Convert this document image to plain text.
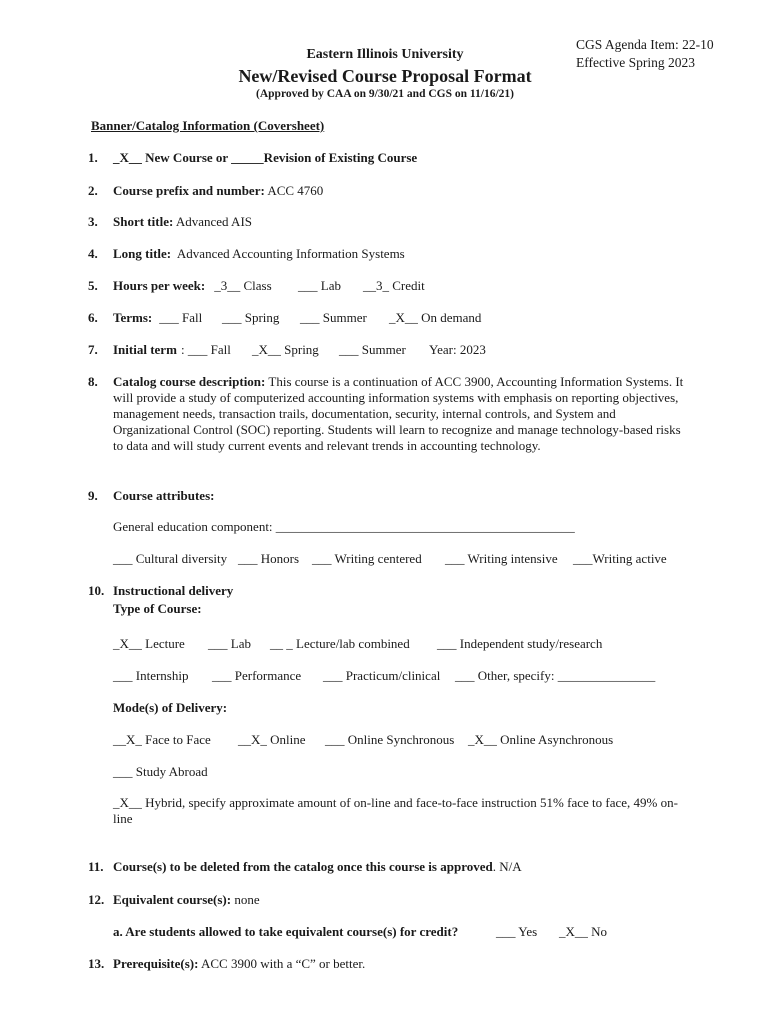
CGS Agenda Item: 22-10
Effective Spring 2023
Eastern Illinois University
New/Revised Course Proposal Format
(Approved by CAA on 9/30/21 and CGS on 11/16/21)
Banner/Catalog Information (Coversheet)
1.	_X__ New Course or _____Revision of Existing Course
2.	Course prefix and number: ACC 4760
3.	Short title: Advanced AIS
4.	Long title:  Advanced Accounting Information Systems
5.	Hours per week: _3__ Class ___ Lab __3_ Credit
6.	Terms: ___ Fall ___ Spring ___ Summer _X__ On demand
7.	Initial term : ___ Fall _X__ Spring ___ Summer Year: 2023
8.	Catalog course description: This course is a continuation of ACC 3900, Accounting Information Systems. It will provide a study of computerized accounting information systems with emphasis on reporting objectives, management needs, transaction trails, documentation, security, internal controls, and System and Organizational Control (SOC) reporting. Students will learn to recognize and manage technology-based risks to data and will study current events and relevant trends in accounting technology.
9.	Course attributes:
General education component: ______________________________________________
___ Cultural diversity ___ Honors ___ Writing centered ___ Writing intensive ___Writing active
10. Instructional delivery
Type of Course:
_X__ Lecture ___ Lab __ _ Lecture/lab combined ___ Independent study/research
___ Internship ___ Performance ___ Practicum/clinical ___ Other, specify: _______________
Mode(s) of Delivery:
__X_ Face to Face __X_ Online ___ Online Synchronous _X__ Online Asynchronous
___ Study Abroad
_X__ Hybrid, specify approximate amount of on-line and face-to-face instruction 51% face to face, 49% on-line
11. Course(s) to be deleted from the catalog once this course is approved. N/A
12. Equivalent course(s): none
a. Are students allowed to take equivalent course(s) for credit?	___ Yes _X__ No
13. Prerequisite(s): ACC 3900 with a “C” or better.
